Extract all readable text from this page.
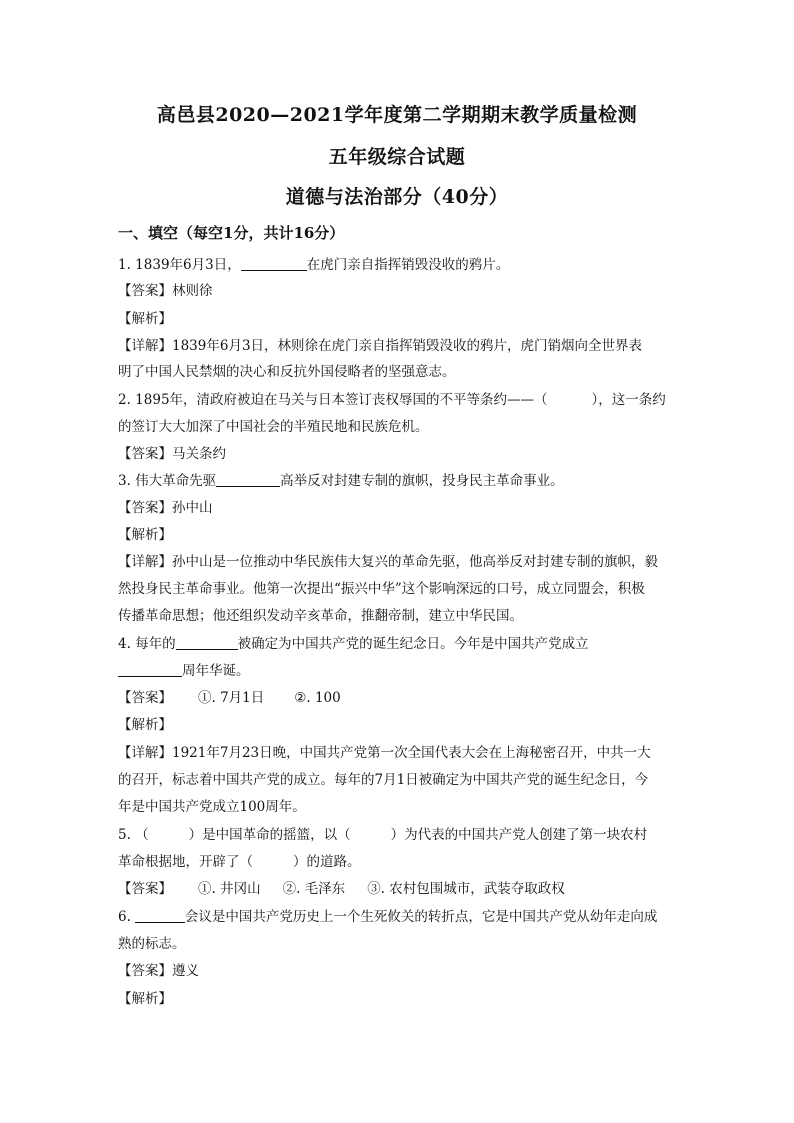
高邑县2020—2021学年度第二学期期末教学质量检测
五年级综合试题
道德与法治部分（40分）
一、填空（每空1分，共计16分）
1. 1839年6月3日，	在虎门亲自指挥销毁没收的鸦片。
【答案】林则徐
【解析】
【详解】1839年6月3日，林则徐在虎门亲自指挥销毁没收的鸦片，虎门销烟向全世界表
明了中国人民禁烟的决心和反抗外国侵略者的坚强意志。
2. 1895年，清政府被迫在马关与日本签订丧权辱国的不平等条约——（	），这一条约
的签订大大加深了中国社会的半殖民地和民族危机。
【答案】马关条约
3. 伟大革命先驱	高举反对封建专制的旗帜，投身民主革命事业。
【答案】孙中山
【解析】
【详解】孙中山是一位推动中华民族伟大复兴的革命先驱，他高举反对封建专制的旗帜，毅
然投身民主革命事业。他第一次提出“振兴中华”这个影响深远的口号，成立同盟会，积极
传播革命思想；他还组织发动辛亥革命，推翻帝制，建立中华民国。
4. 每年的	被确定为中国共产党的诞生纪念日。今年是中国共产党成立
周年华诞。
【答案】 ①. 7月1日 ②. 100
【解析】
【详解】1921年7月23日晚，中国共产党第一次全国代表大会在上海秘密召开，中共一大
的召开，标志着中国共产党的成立。每年的7月1日被确定为中国共产党的诞生纪念日，今
年是中国共产党成立100周年。
5. （	）是中国革命的摇篮，以（	）为代表的中国共产党人创建了第一块农村
革命根据地，开辟了（	）的道路。
【答案】 ①. 井冈山 ②. 毛泽东 ③. 农村包围城市，武装夺取政权
6.	会议是中国共产党历史上一个生死攸关的转折点，它是中国共产党从幼年走向成
熟的标志。
【答案】遵义
【解析】
